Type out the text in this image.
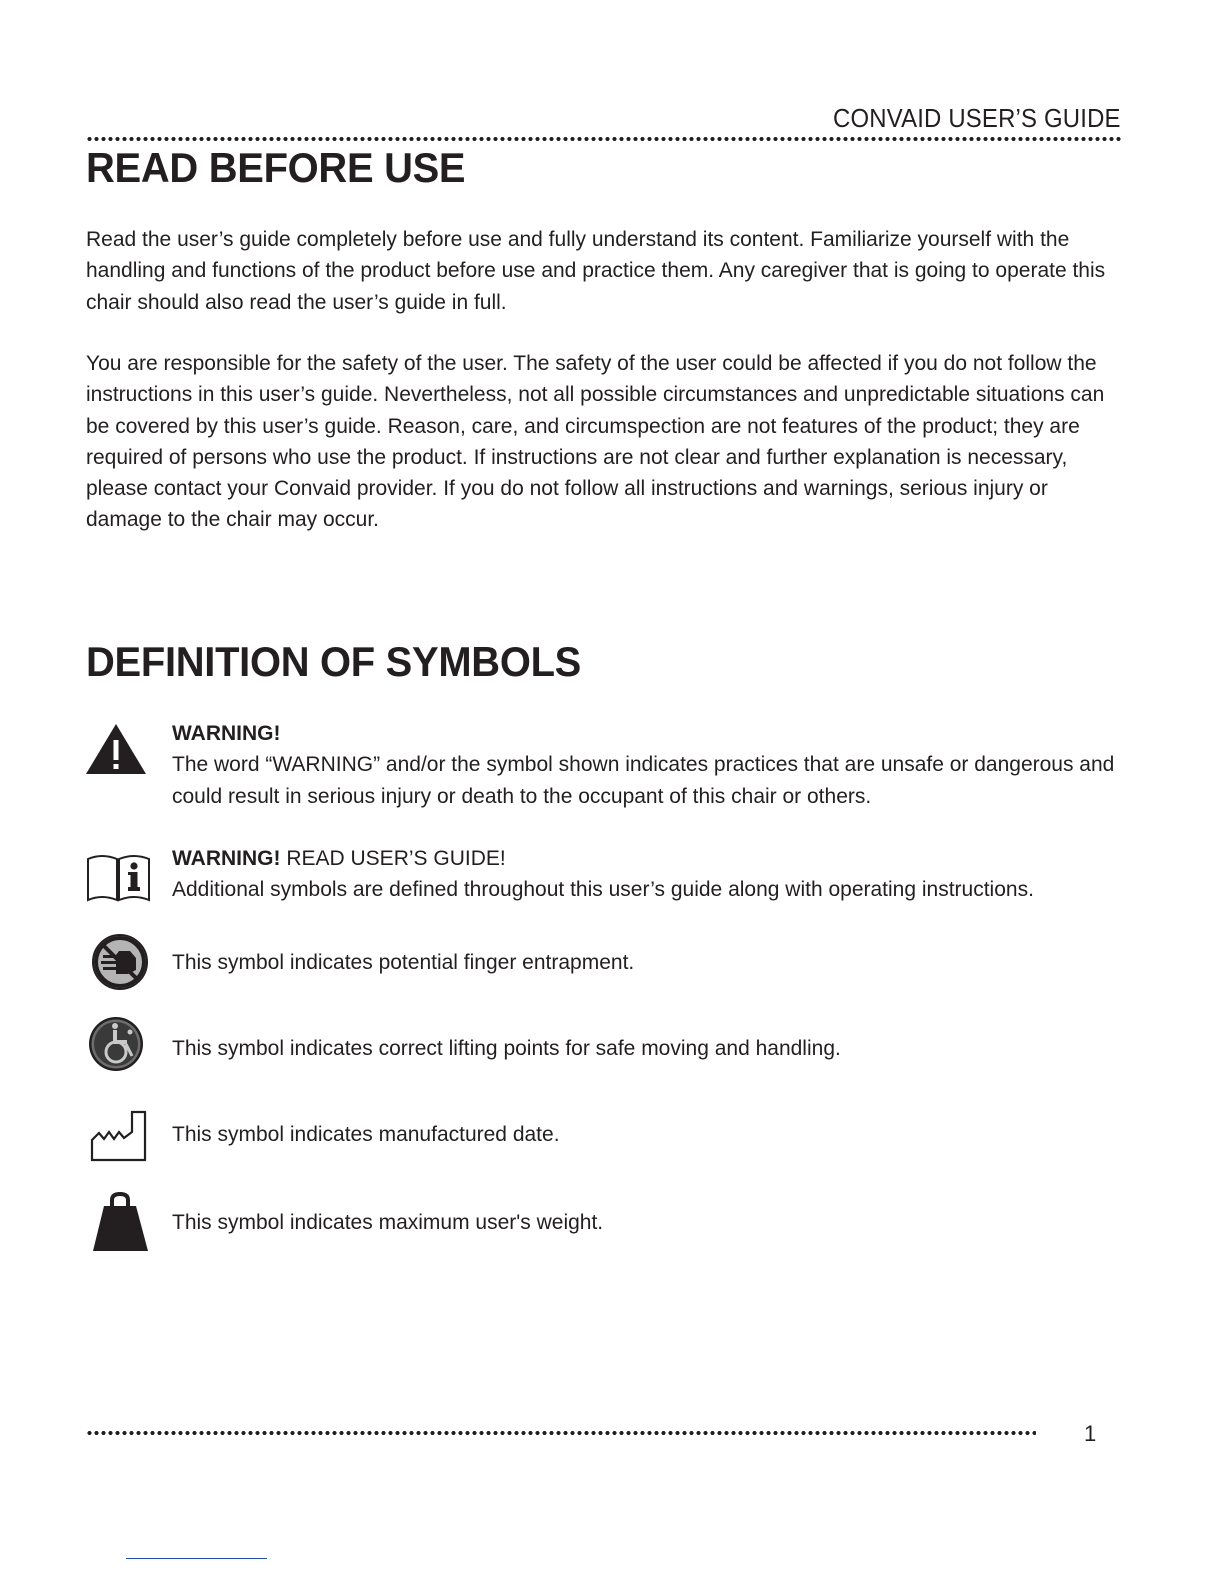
CONVAID USER’S GUIDE
READ BEFORE USE

Read the user’s guide completely before use and fully understand its content. Familiarize yourself with the handling and functions of the product before use and practice them. Any caregiver that is going to operate this chair should also read the user’s guide in full.

You are responsible for the safety of the user. The safety of the user could be affected if you do not follow the instructions in this user’s guide. Nevertheless, not all possible circumstances and unpredictable situations can be covered by this user’s guide. Reason, care, and circumspection are not features of the product; they are required of persons who use the product. If instructions are not clear and further explanation is necessary, please contact your Convaid provider. If you do not follow all instructions and warnings, serious injury or damage to the chair may occur.

DEFINITION OF SYMBOLS
WARNING!
The word “WARNING” and/or the symbol shown indicates practices that are unsafe or dangerous and could result in serious injury or death to the occupant of this chair or others.
WARNING! READ USER’S GUIDE!
Additional symbols are defined throughout this user’s guide along with operating instructions.
This symbol indicates potential finger entrapment.
This symbol indicates correct lifting points for safe moving and handling.
This symbol indicates manufactured date.
This symbol indicates maximum user's weight.
1
